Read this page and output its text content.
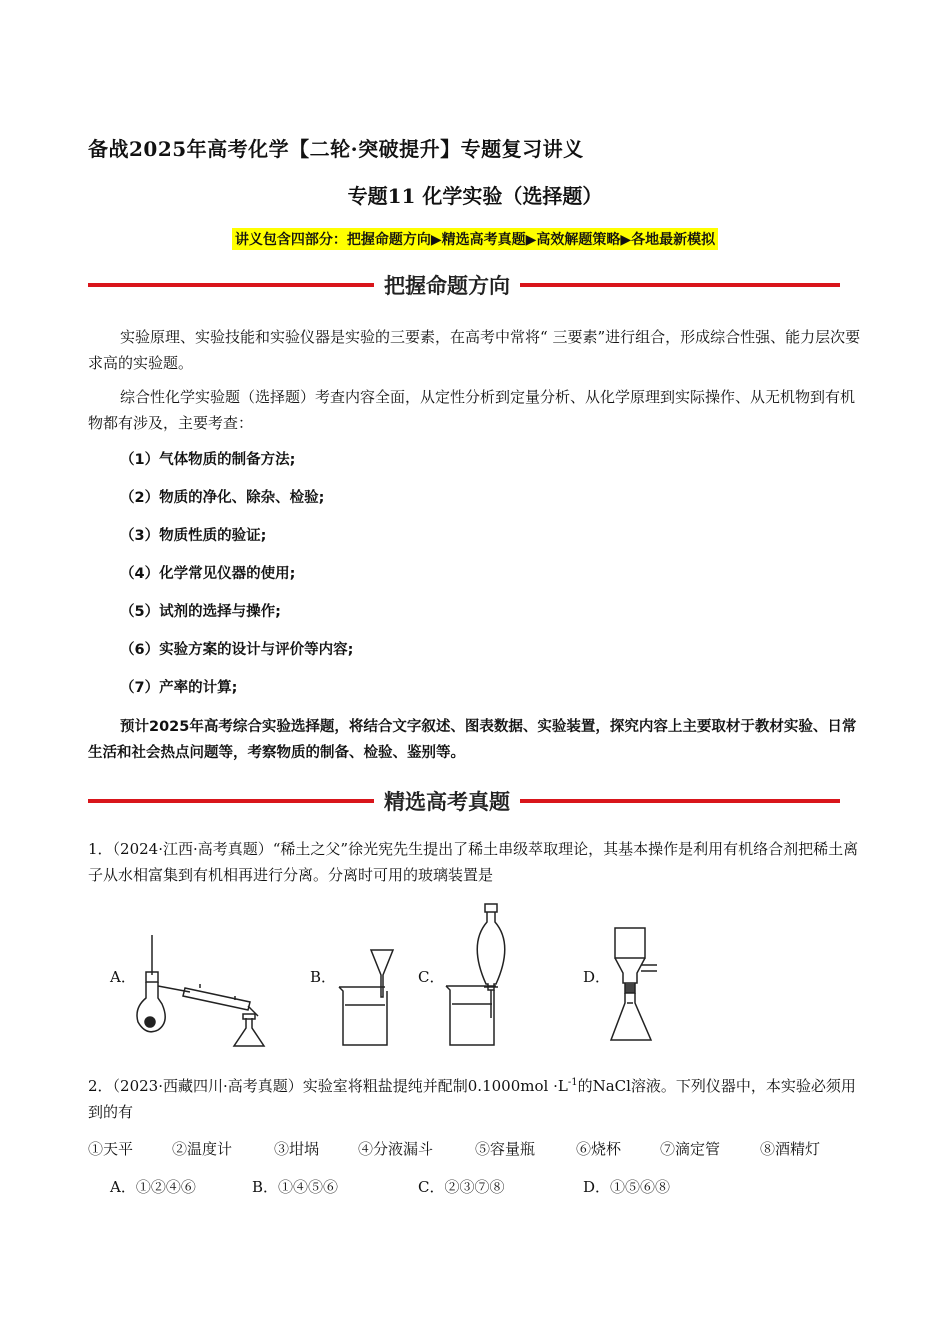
备战2025年高考化学【二轮·突破提升】专题复习讲义
专题11 化学实验（选择题）
讲义包含四部分：把握命题方向▶精选高考真题▶高效解题策略▶各地最新模拟
把握命题方向
实验原理、实验技能和实验仪器是实验的三要素，在高考中常将“ 三要素”进行组合，形成综合性强、能力层次要求高的实验题。
综合性化学实验题（选择题）考查内容全面，从定性分析到定量分析、从化学原理到实际操作、从无机物到有机物都有涉及，主要考查：
（1）气体物质的制备方法;
（2）物质的净化、除杂、检验;
（3）物质性质的验证;
（4）化学常见仪器的使用;
（5）试剂的选择与操作;
（6）实验方案的设计与评价等内容;
（7）产率的计算;
预计2025年高考综合实验选择题，将结合文字叙述、图表数据、实验装置，探究内容上主要取材于教材实验、日常生活和社会热点问题等，考察物质的制备、检验、鉴别等。
精选高考真题
1．（2024·江西·高考真题）“稀土之父”徐光宪先生提出了稀土串级萃取理论，其基本操作是利用有机络合剂把稀土离子从水相富集到有机相再进行分离。分离时可用的玻璃装置是
A．	B．	C．	D．
2．（2023·西藏四川·高考真题）实验室将粗盐提纯并配制$0.1000mol \cdot L^{-1}$的NaCl溶液。下列仪器中，本实验必须用到的有
①天平	②温度计	③坩埚	④分液漏斗	⑤容量瓶	⑥烧杯	⑦滴定管	⑧酒精灯
A．①②④⑥	B．①④⑤⑥	C．②③⑦⑧	D．①⑤⑥⑧
